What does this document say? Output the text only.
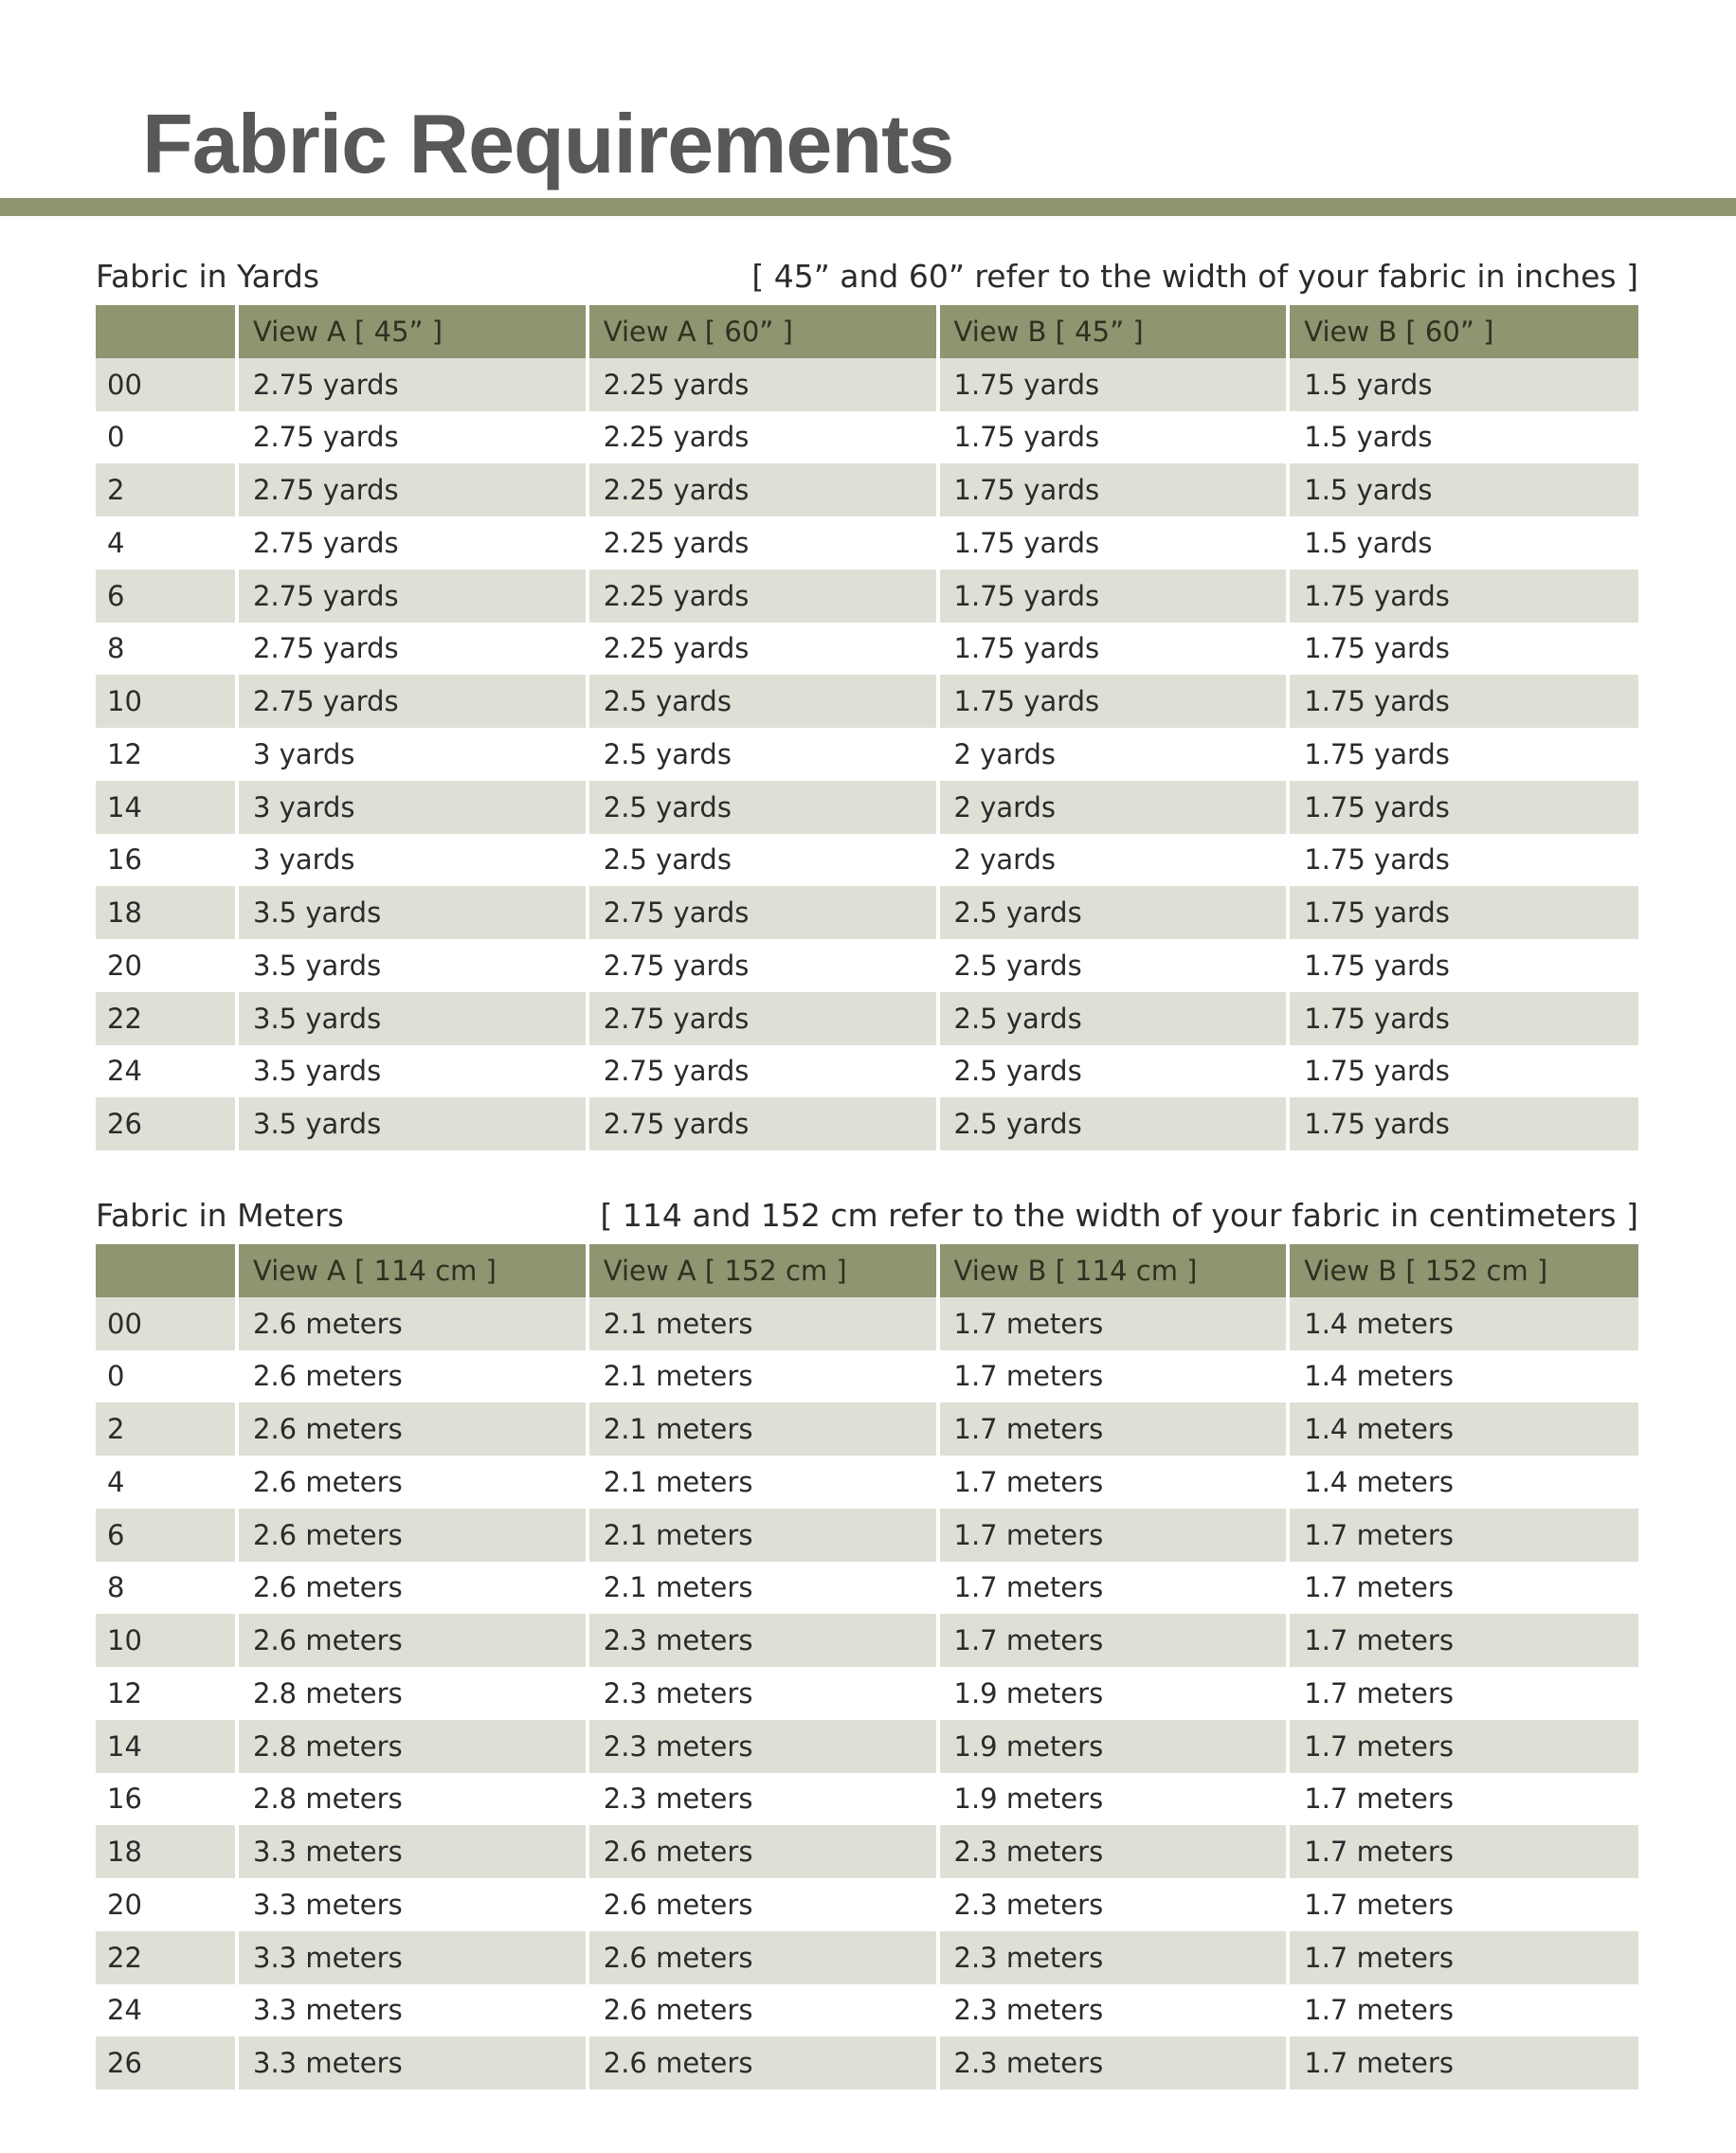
Fabric Requirements
Fabric in Yards	[ 45” and 60” refer to the width of your fabric in inches ]
	View A [ 45” ]	View A [ 60” ]	View B [ 45” ]	View B [ 60” ]
00	2.75 yards	2.25 yards	1.75 yards	1.5 yards
0	2.75 yards	2.25 yards	1.75 yards	1.5 yards
2	2.75 yards	2.25 yards	1.75 yards	1.5 yards
4	2.75 yards	2.25 yards	1.75 yards	1.5 yards
6	2.75 yards	2.25 yards	1.75 yards	1.75 yards
8	2.75 yards	2.25 yards	1.75 yards	1.75 yards
10	2.75 yards	2.5 yards	1.75 yards	1.75 yards
12	3 yards	2.5 yards	2 yards	1.75 yards
14	3 yards	2.5 yards	2 yards	1.75 yards
16	3 yards	2.5 yards	2 yards	1.75 yards
18	3.5 yards	2.75 yards	2.5 yards	1.75 yards
20	3.5 yards	2.75 yards	2.5 yards	1.75 yards
22	3.5 yards	2.75 yards	2.5 yards	1.75 yards
24	3.5 yards	2.75 yards	2.5 yards	1.75 yards
26	3.5 yards	2.75 yards	2.5 yards	1.75 yards
Fabric in Meters	[ 114 and 152 cm refer to the width of your fabric in centimeters ]
	View A [ 114 cm ]	View A [ 152 cm ]	View B [ 114 cm ]	View B [ 152 cm ]
00	2.6 meters	2.1 meters	1.7 meters	1.4 meters
0	2.6 meters	2.1 meters	1.7 meters	1.4 meters
2	2.6 meters	2.1 meters	1.7 meters	1.4 meters
4	2.6 meters	2.1 meters	1.7 meters	1.4 meters
6	2.6 meters	2.1 meters	1.7 meters	1.7 meters
8	2.6 meters	2.1 meters	1.7 meters	1.7 meters
10	2.6 meters	2.3 meters	1.7 meters	1.7 meters
12	2.8 meters	2.3 meters	1.9 meters	1.7 meters
14	2.8 meters	2.3 meters	1.9 meters	1.7 meters
16	2.8 meters	2.3 meters	1.9 meters	1.7 meters
18	3.3 meters	2.6 meters	2.3 meters	1.7 meters
20	3.3 meters	2.6 meters	2.3 meters	1.7 meters
22	3.3 meters	2.6 meters	2.3 meters	1.7 meters
24	3.3 meters	2.6 meters	2.3 meters	1.7 meters
26	3.3 meters	2.6 meters	2.3 meters	1.7 meters
